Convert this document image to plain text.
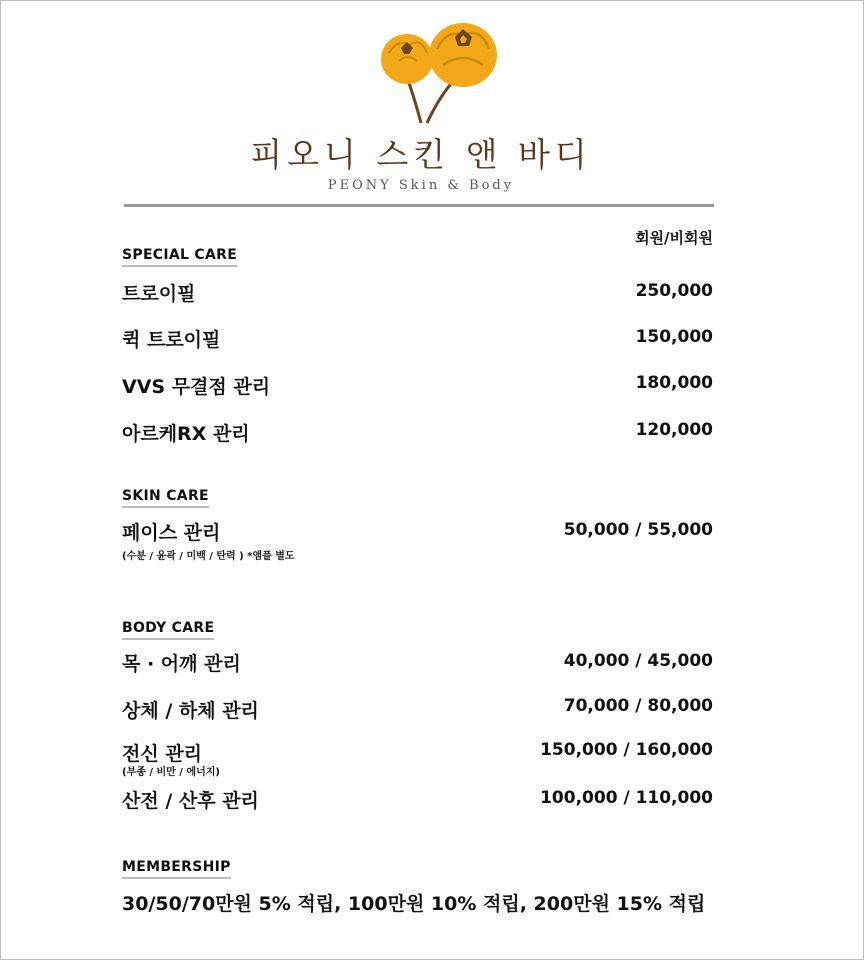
피오니 스킨 앤 바디
PEONY Skin & Body
회원/비회원
SPECIAL CARE
트로이필	250,000
퀵 트로이필	150,000
VVS 무결점 관리	180,000
아르케RX 관리	120,000
SKIN CARE
페이스 관리	50,000 / 55,000
(수분 / 윤곽 / 미백 / 탄력 ) *앰플 별도
BODY CARE
목 · 어깨 관리	40,000 / 45,000
상체 / 하체 관리	70,000 / 80,000
전신 관리	150,000 / 160,000
(부종 / 비만 / 에너지)
산전 / 산후 관리	100,000 / 110,000
MEMBERSHIP
30/50/70만원 5% 적립, 100만원 10% 적립, 200만원 15% 적립
